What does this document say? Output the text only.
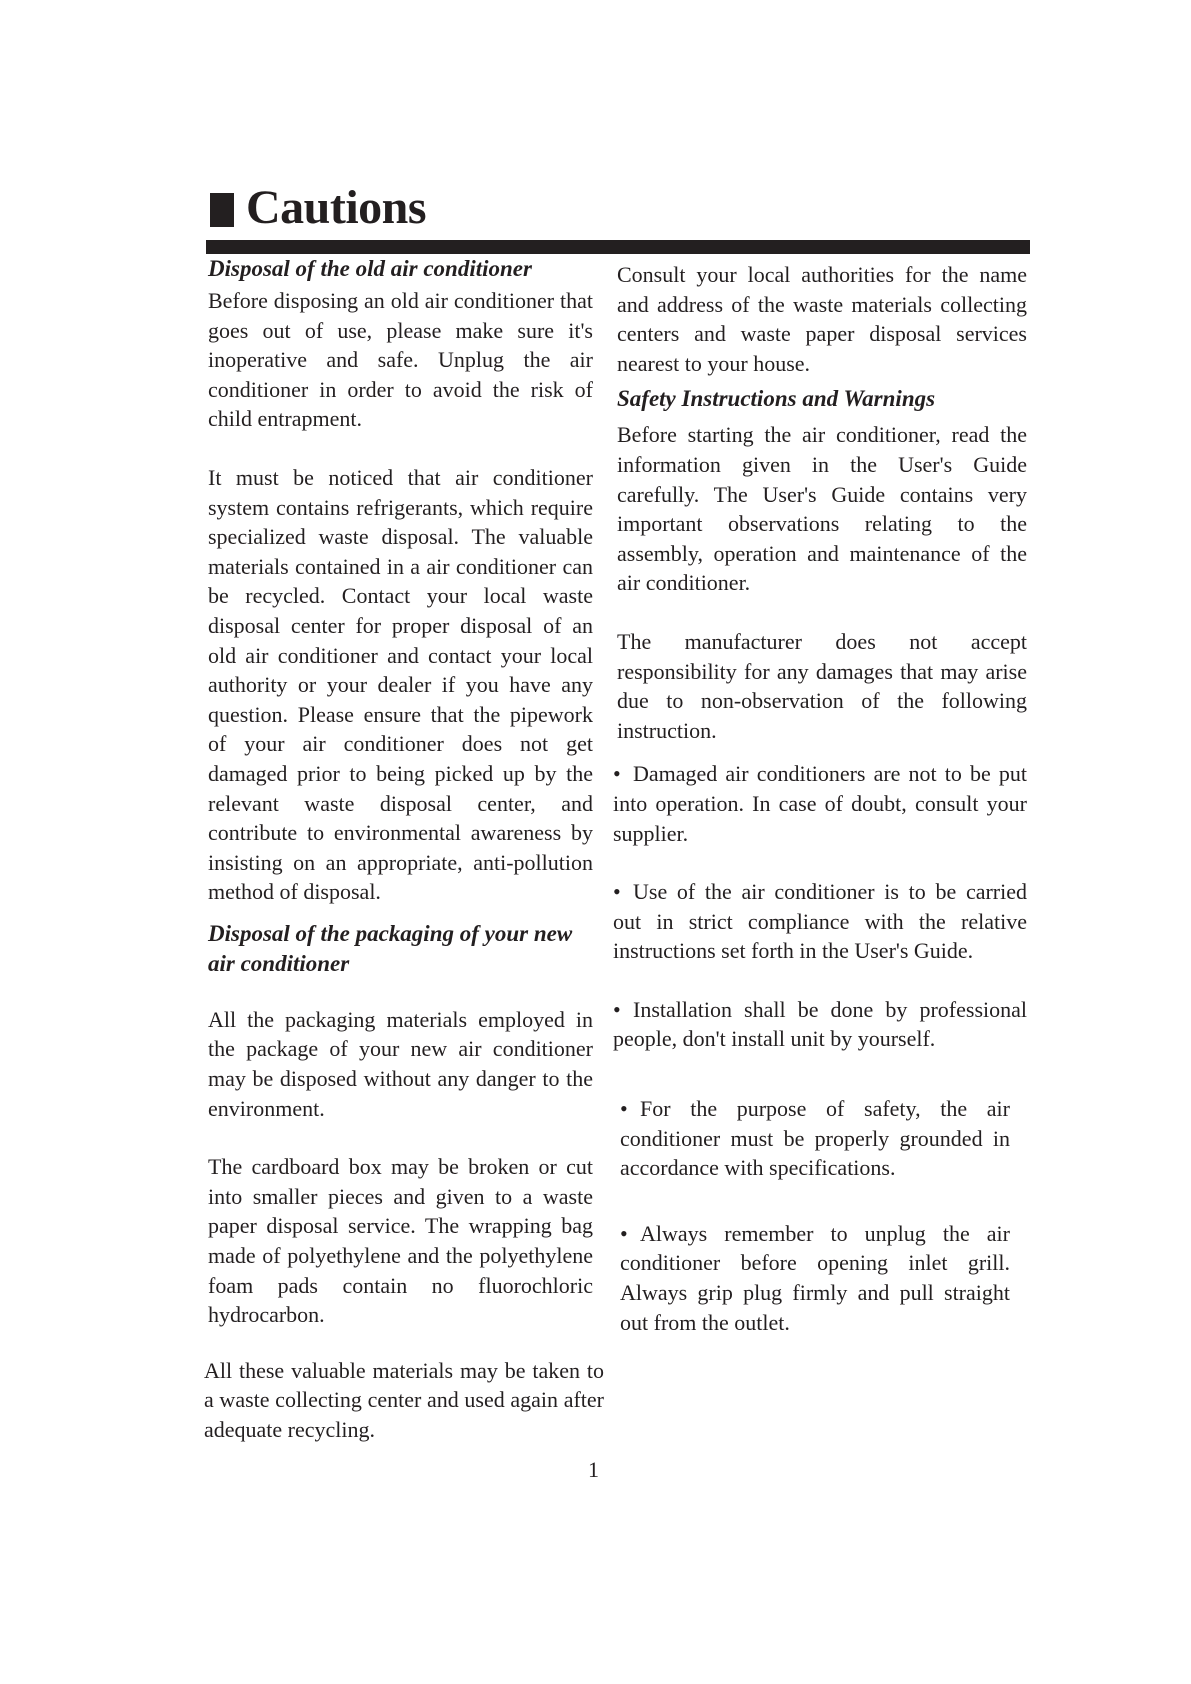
Cautions

Disposal of the old air conditioner

Before disposing an old air conditioner that goes out of use, please make sure it's inoperative and safe. Unplug the air conditioner in order to avoid the risk of child entrapment.

It must be noticed that air conditioner system contains refrigerants, which require specialized waste disposal. The valuable materials contained in a air conditioner can be recycled. Contact your local waste disposal center for proper disposal of an old air conditioner and contact your local authority or your dealer if you have any question. Please ensure that the pipework of your air conditioner does not get damaged prior to being picked up by the relevant waste disposal center, and contribute to environmental awareness by insisting on an appropriate, anti-pollution method of disposal.

Disposal of the packaging of your new air conditioner

All the packaging materials employed in the package of your new air conditioner may be disposed without any danger to the environment.

The cardboard box may be broken or cut into smaller pieces and given to a waste paper disposal service. The wrapping bag made of polyethylene and the polyethylene foam pads contain no fluorochloric hydrocarbon.

All these valuable materials may be taken to a waste collecting center and used again after adequate recycling.

Consult your local authorities for the name and address of the waste materials collecting centers and waste paper disposal services nearest to your house.

Safety Instructions and Warnings

Before starting the air conditioner, read the information given in the User's Guide carefully. The User's Guide contains very important observations relating to the assembly, operation and maintenance of the air conditioner.

The manufacturer does not accept responsibility for any damages that may arise due to non-observation of the following instruction.

• Damaged air conditioners are not to be put into operation. In case of doubt, consult your supplier.

• Use of the air conditioner is to be carried out in strict compliance with the relative instructions set forth in the User's Guide.

• Installation shall be done by professional people, don't install unit by yourself.

• For the purpose of safety, the air conditioner must be properly grounded in accordance with specifications.

• Always remember to unplug the air conditioner before opening inlet grill. Always grip plug firmly and pull straight out from the outlet.

1
